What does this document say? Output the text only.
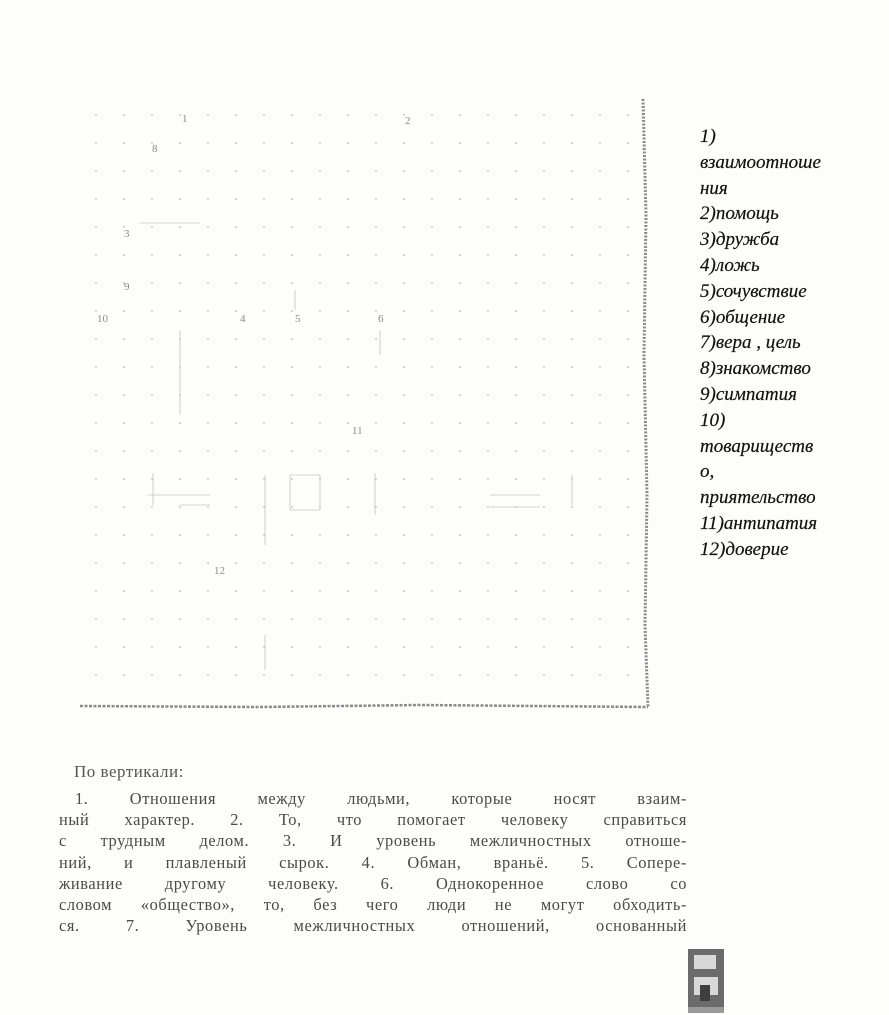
1	2
8
3
9
10	4	5	6
11
12
1)
взаимоотноше
ния
2)помощь
3)дружба
4)ложь
5)сочувствие
6)общение
7)вера , цель
8)знакомство
9)симпатия
10)
товариществ
о,
приятельство
11)антипатия
12)доверие
По вертикали:
1. Отношения между людьми, которые носят взаим-
ный характер. 2. То, что помогает человеку справиться
с трудным делом. 3. И уровень межличностных отноше-
ний, и плавленый сырок. 4. Обман, враньё. 5. Сопере-
живание другому человеку. 6. Однокоренное слово со
словом «общество», то, без чего люди не могут обходить-
ся. 7. Уровень межличностных отношений, основанный
